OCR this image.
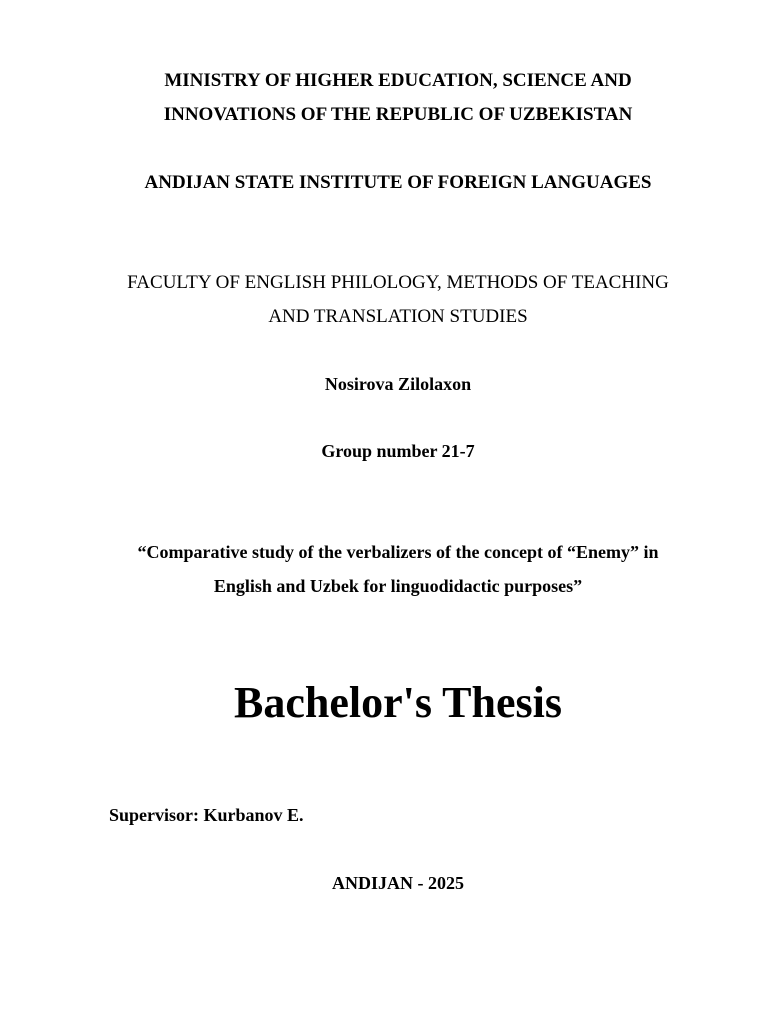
MINISTRY OF HIGHER EDUCATION, SCIENCE AND
INNOVATIONS OF THE REPUBLIC OF UZBEKISTAN
ANDIJAN STATE INSTITUTE OF FOREIGN LANGUAGES
FACULTY OF ENGLISH PHILOLOGY, METHODS OF TEACHING
AND TRANSLATION STUDIES
Nosirova Zilolaxon
Group number 21-7
“Comparative study of the verbalizers of the concept of “Enemy” in
English and Uzbek for linguodidactic purposes”
Bachelor's Thesis
Supervisor: Kurbanov E.
ANDIJAN - 2025
